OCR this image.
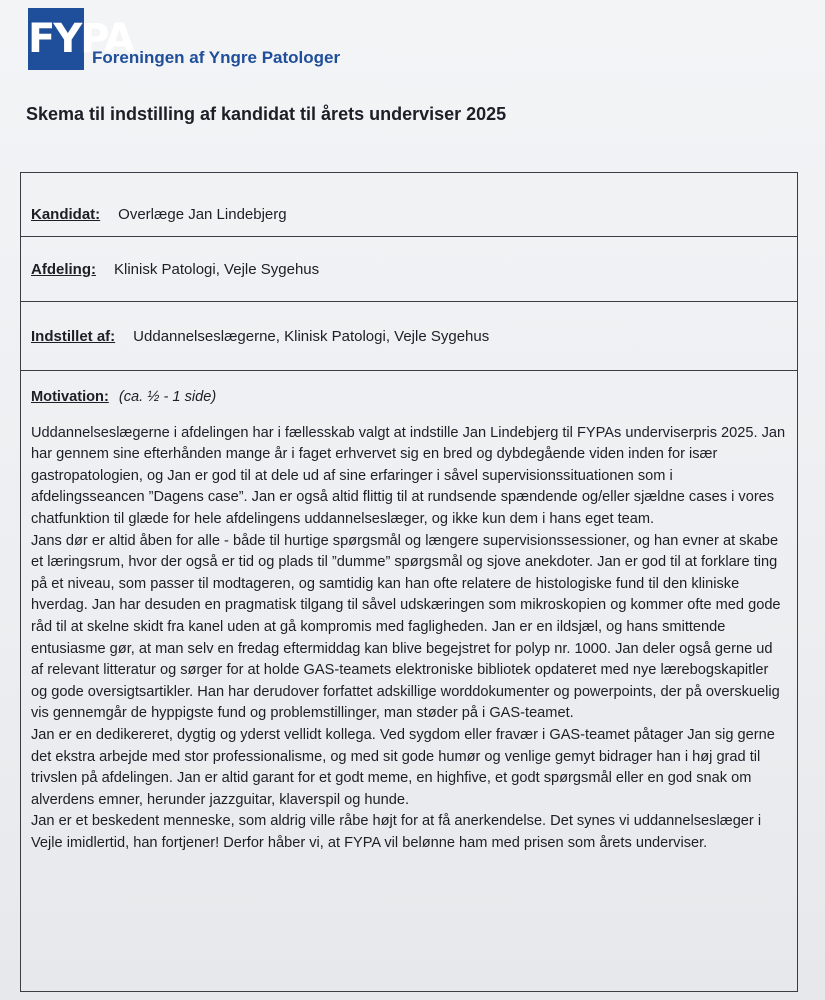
FYPA
Foreningen af Yngre Patologer
Skema til indstilling af kandidat til årets underviser 2025
Kandidat: Overlæge Jan Lindebjerg
Afdeling: Klinisk Patologi, Vejle Sygehus
Indstillet af: Uddannelseslægerne, Klinisk Patologi, Vejle Sygehus
Motivation: (ca. ½ - 1 side)

Uddannelseslægerne i afdelingen har i fællesskab valgt at indstille Jan Lindebjerg til FYPAs underviserpris 2025. Jan har gennem sine efterhånden mange år i faget erhvervet sig en bred og dybdegående viden inden for især gastropatologien, og Jan er god til at dele ud af sine erfaringer i såvel supervisionssituationen som i afdelingsseancen ”Dagens case”. Jan er også altid flittig til at rundsende spændende og/eller sjældne cases i vores chatfunktion til glæde for hele afdelingens uddannelseslæger, og ikke kun dem i hans eget team.

Jans dør er altid åben for alle - både til hurtige spørgsmål og længere supervisionssessioner, og han evner at skabe et læringsrum, hvor der også er tid og plads til ”dumme” spørgsmål og sjove anekdoter. Jan er god til at forklare ting på et niveau, som passer til modtageren, og samtidig kan han ofte relatere de histologiske fund til den kliniske hverdag. Jan har desuden en pragmatisk tilgang til såvel udskæringen som mikroskopien og kommer ofte med gode råd til at skelne skidt fra kanel uden at gå kompromis med fagligheden. Jan er en ildsjæl, og hans smittende entusiasme gør, at man selv en fredag eftermiddag kan blive begejstret for polyp nr. 1000. Jan deler også gerne ud af relevant litteratur og sørger for at holde GAS-teamets elektroniske bibliotek opdateret med nye lærebogskapitler og gode oversigtsartikler. Han har derudover forfattet adskillige worddokumenter og powerpoints, der på overskuelig vis gennemgår de hyppigste fund og problemstillinger, man støder på i GAS-teamet.

Jan er en dedikereret, dygtig og yderst vellidt kollega. Ved sygdom eller fravær i GAS-teamet påtager Jan sig gerne det ekstra arbejde med stor professionalisme, og med sit gode humør og venlige gemyt bidrager han i høj grad til trivslen på afdelingen. Jan er altid garant for et godt meme, en highfive, et godt spørgsmål eller en god snak om alverdens emner, herunder jazzguitar, klaverspil og hunde.

Jan er et beskedent menneske, som aldrig ville råbe højt for at få anerkendelse. Det synes vi uddannelseslæger i Vejle imidlertid, han fortjener! Derfor håber vi, at FYPA vil belønne ham med prisen som årets underviser.
